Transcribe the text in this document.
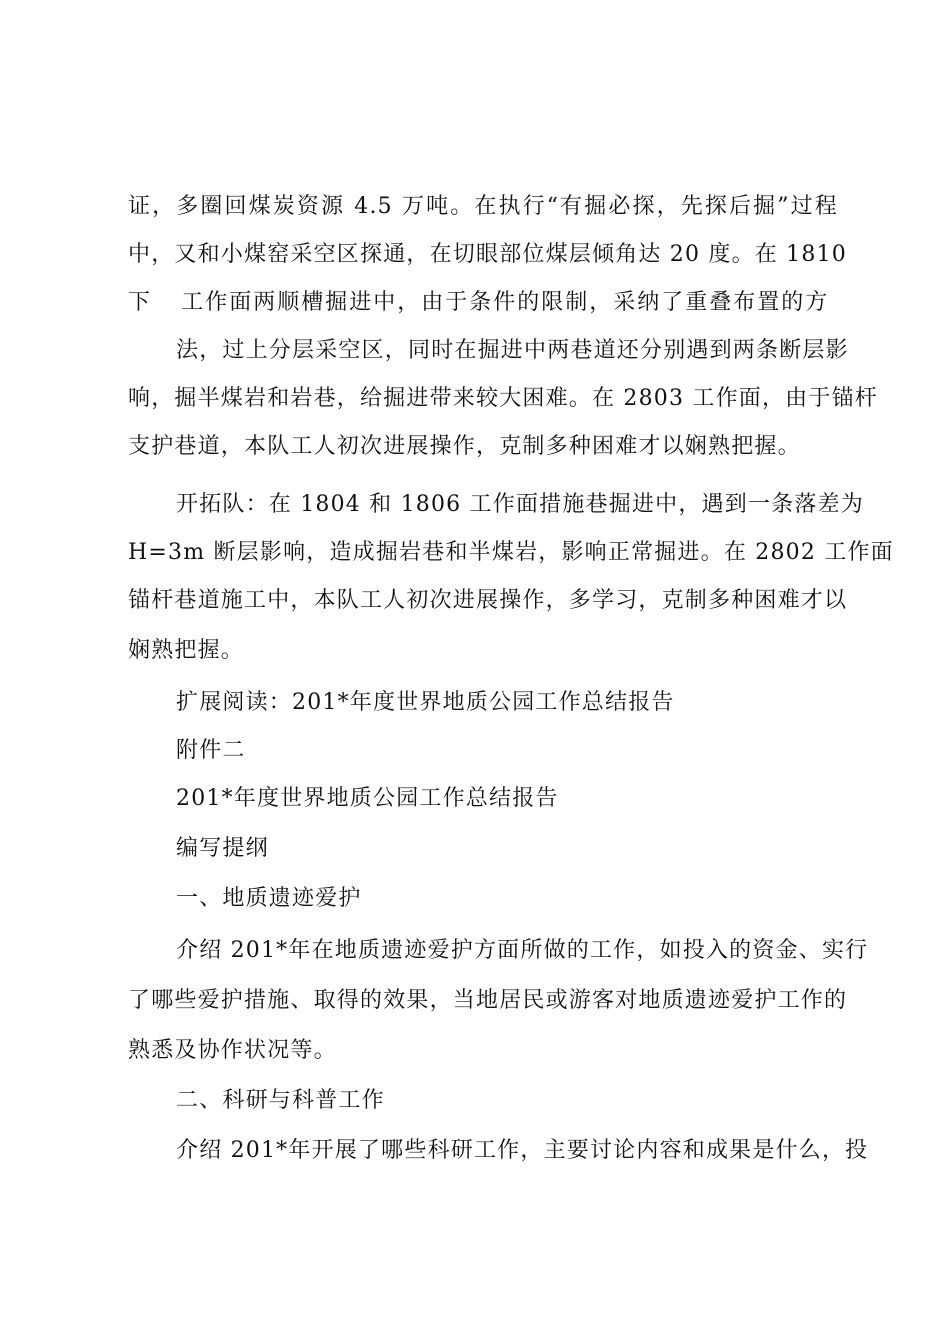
证，多圈回煤炭资源 4.5 万吨。在执行“有掘必探，先探后掘”过程
中，又和小煤窑采空区探通，在切眼部位煤层倾角达 20 度。在 1810
下 工作面两顺槽掘进中，由于条件的限制，采纳了重叠布置的方
法，过上分层采空区，同时在掘进中两巷道还分别遇到两条断层影
响，掘半煤岩和岩巷，给掘进带来较大困难。在 2803 工作面，由于锚杆
支护巷道，本队工人初次进展操作，克制多种困难才以娴熟把握。
开拓队：在 1804 和 1806 工作面措施巷掘进中，遇到一条落差为
H=3m 断层影响，造成掘岩巷和半煤岩，影响正常掘进。在 2802 工作面
锚杆巷道施工中，本队工人初次进展操作，多学习，克制多种困难才以
娴熟把握。
扩展阅读：201*年度世界地质公园工作总结报告
附件二
201*年度世界地质公园工作总结报告
编写提纲
一、地质遗迹爱护
介绍 201*年在地质遗迹爱护方面所做的工作，如投入的资金、实行
了哪些爱护措施、取得的效果，当地居民或游客对地质遗迹爱护工作的
熟悉及协作状况等。
二、科研与科普工作
介绍 201*年开展了哪些科研工作，主要讨论内容和成果是什么，投
